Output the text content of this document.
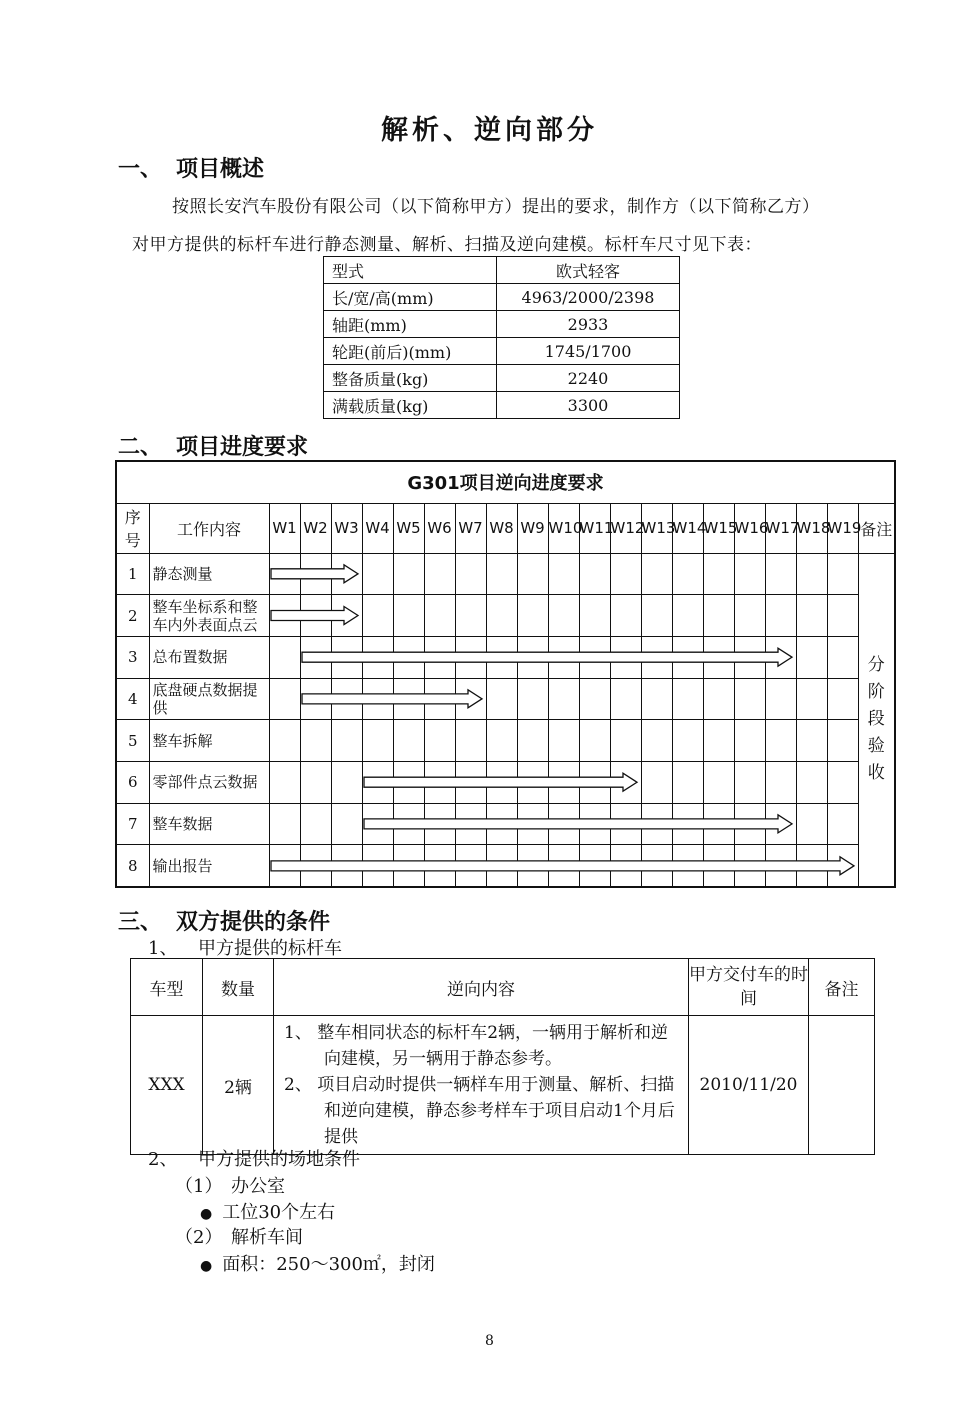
解析、逆向部分
一、 项目概述
按照长安汽车股份有限公司（以下简称甲方）提出的要求，制作方（以下简称乙方）
对甲方提供的标杆车进行静态测量、解析、扫描及逆向建模。标杆车尺寸见下表：
型式	欧式轻客
长/宽/高(mm)	4963/2000/2398
轴距(mm)	2933
轮距(前后)(mm)	1745/1700
整备质量(kg)	2240
满载质量(kg)	3300
二、 项目进度要求
G301项目逆向进度要求																					
序号	工作内容	W1	W2	W3	W4	W5	W6	W7	W8	W9	W10	W11	W12	W13	W14	W15	W16	W17	W18	W19	备注
1	静态测量																				分阶段验收

2	整车坐标系和整车内外表面点云																				
3	总布置数据																				
4	底盘硬点数据提供																				
5	整车拆解																				
6	零部件点云数据																				
7	整车数据																				
8	输出报告																				
三、 双方提供的条件
1、 甲方提供的标杆车
车型	数量	逆向内容	甲方交付车的时间	备注
XXX	2辆	1、 整车相同状态的标杆车2辆，一辆用于解析和逆向建模，另一辆用于静态参考。
2、 项目启动时提供一辆样车用于测量、解析、扫描和逆向建模，静态参考样车于项目启动1个月后提供	2010/11/20	
2、 甲方提供的场地条件
（1） 办公室
● 工位30个左右
（2） 解析车间
● 面积：250～300㎡，封闭
8
